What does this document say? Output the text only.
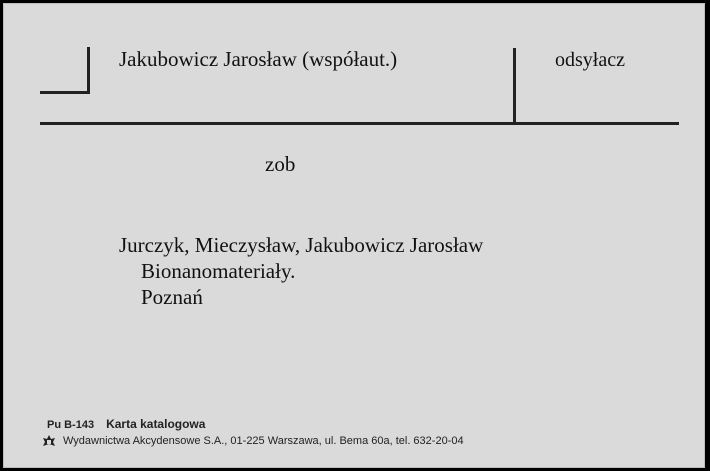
Jakubowicz Jarosław (współaut.)	odsyłacz
zob
Jurczyk, Mieczysław, Jakubowicz Jarosław
Bionanomateriały.
Poznań
Pu B-143 Karta katalogowa
Wydawnictwa Akcydensowe S.A., 01-225 Warszawa, ul. Bema 60a, tel. 632-20-04
